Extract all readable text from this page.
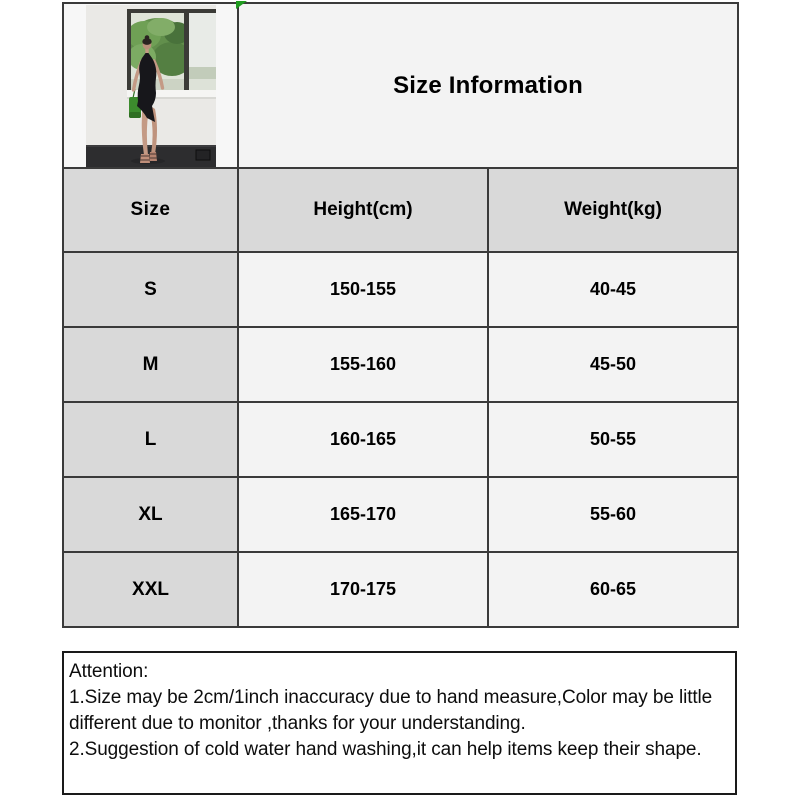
	Size Information	
Size	Height(cm)	Weight(kg)
S	150-155	40-45
M	155-160	45-50
L	160-165	50-55
XL	165-170	55-60
XXL	170-175	60-65
Attention:
1.Size may be 2cm/1inch inaccuracy due to hand measure,Color may be little
different due to monitor ,thanks for your understanding.
2.Suggestion of cold water hand washing,it can help items keep their shape.
